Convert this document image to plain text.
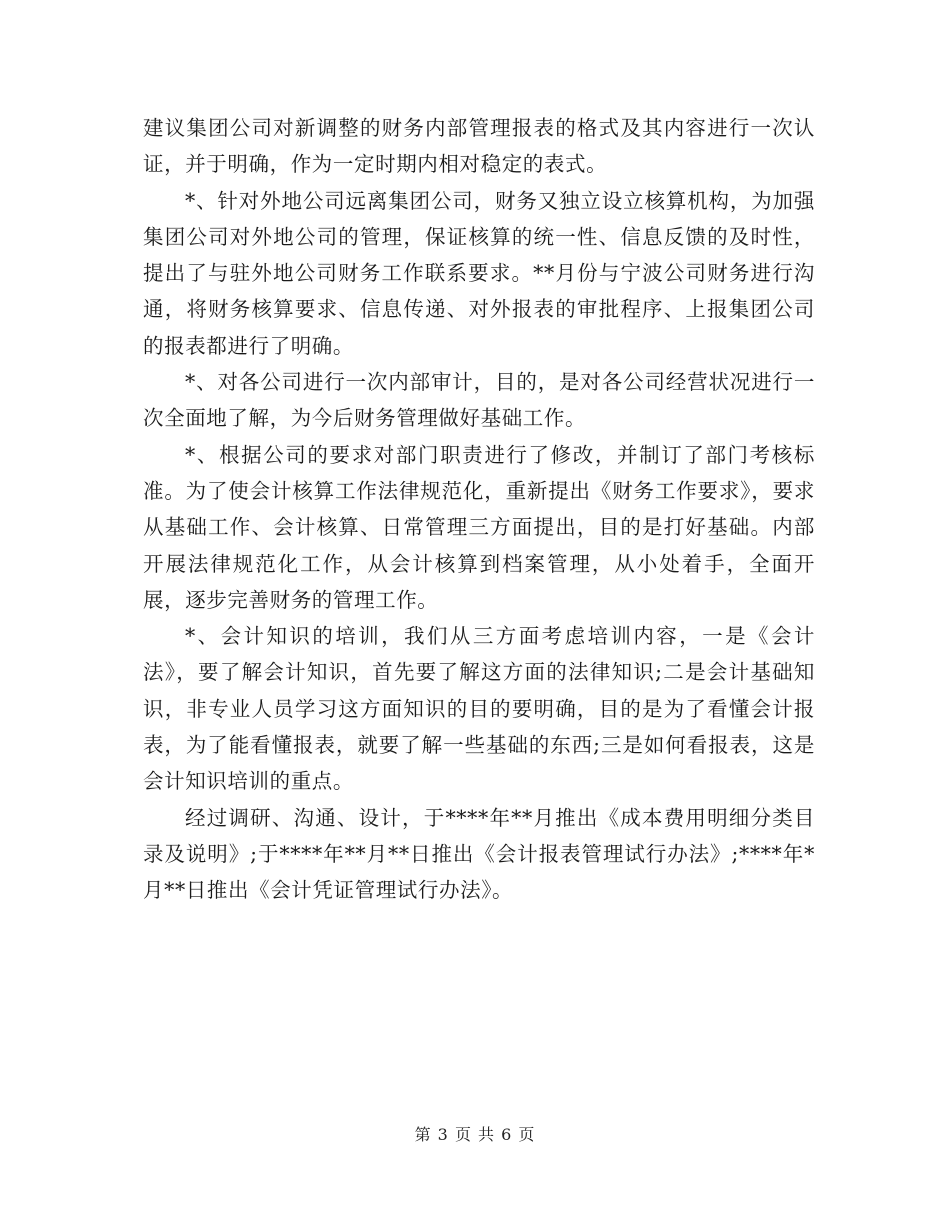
建议集团公司对新调整的财务内部管理报表的格式及其内容进行一次认证，并于明确，作为一定时期内相对稳定的表式。

*、针对外地公司远离集团公司，财务又独立设立核算机构，为加强集团公司对外地公司的管理，保证核算的统一性、信息反馈的及时性，提出了与驻外地公司财务工作联系要求。**月份与宁波公司财务进行沟通，将财务核算要求、信息传递、对外报表的审批程序、上报集团公司的报表都进行了明确。

*、对各公司进行一次内部审计，目的，是对各公司经营状况进行一次全面地了解，为今后财务管理做好基础工作。

*、根据公司的要求对部门职责进行了修改，并制订了部门考核标准。为了使会计核算工作法律规范化，重新提出《财务工作要求》，要求从基础工作、会计核算、日常管理三方面提出，目的是打好基础。内部开展法律规范化工作，从会计核算到档案管理，从小处着手，全面开展，逐步完善财务的管理工作。

*、会计知识的培训，我们从三方面考虑培训内容，一是《会计法》，要了解会计知识，首先要了解这方面的法律知识;二是会计基础知识，非专业人员学习这方面知识的目的要明确，目的是为了看懂会计报表，为了能看懂报表，就要了解一些基础的东西;三是如何看报表，这是会计知识培训的重点。

经过调研、沟通、设计，于****年**月推出《成本费用明细分类目录及说明》;于****年**月**日推出《会计报表管理试行办法》;****年*月**日推出《会计凭证管理试行办法》。

第 3 页 共 6 页
